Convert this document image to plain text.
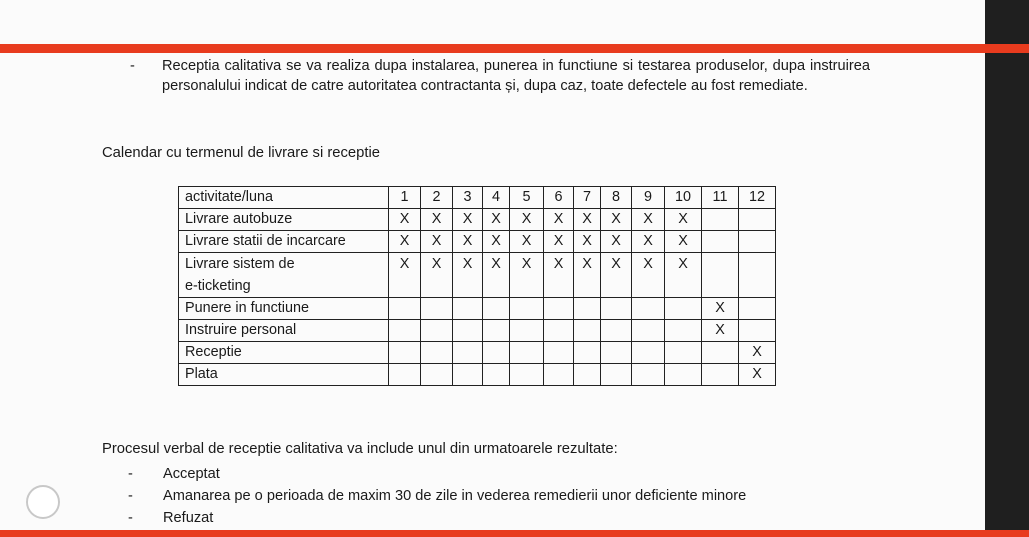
- Receptia calitativa se va realiza dupa instalarea, punerea in functiune si testarea produselor, dupa instruirea personalului indicat de catre autoritatea contractanta și, dupa caz, toate defectele au fost remediate.
Calendar cu termenul de livrare si receptie
activitate/luna	1	2	3	4	5	6	7	8	9	10	11	12
Livrare autobuze	X	X	X	X	X	X	X	X	X	X		
Livrare statii de incarcare	X	X	X	X	X	X	X	X	X	X		
Livrare sistem de
e-ticketing	X	X	X	X	X	X	X	X	X	X		
Punere in functiune											X	
Instruire personal											X	
Receptie												X
Plata												X
Procesul verbal de receptie calitativa va include unul din urmatoarele rezultate:
- Acceptat
- Amanarea pe o perioada de maxim 30 de zile in vederea remedierii unor deficiente minore
- Refuzat
